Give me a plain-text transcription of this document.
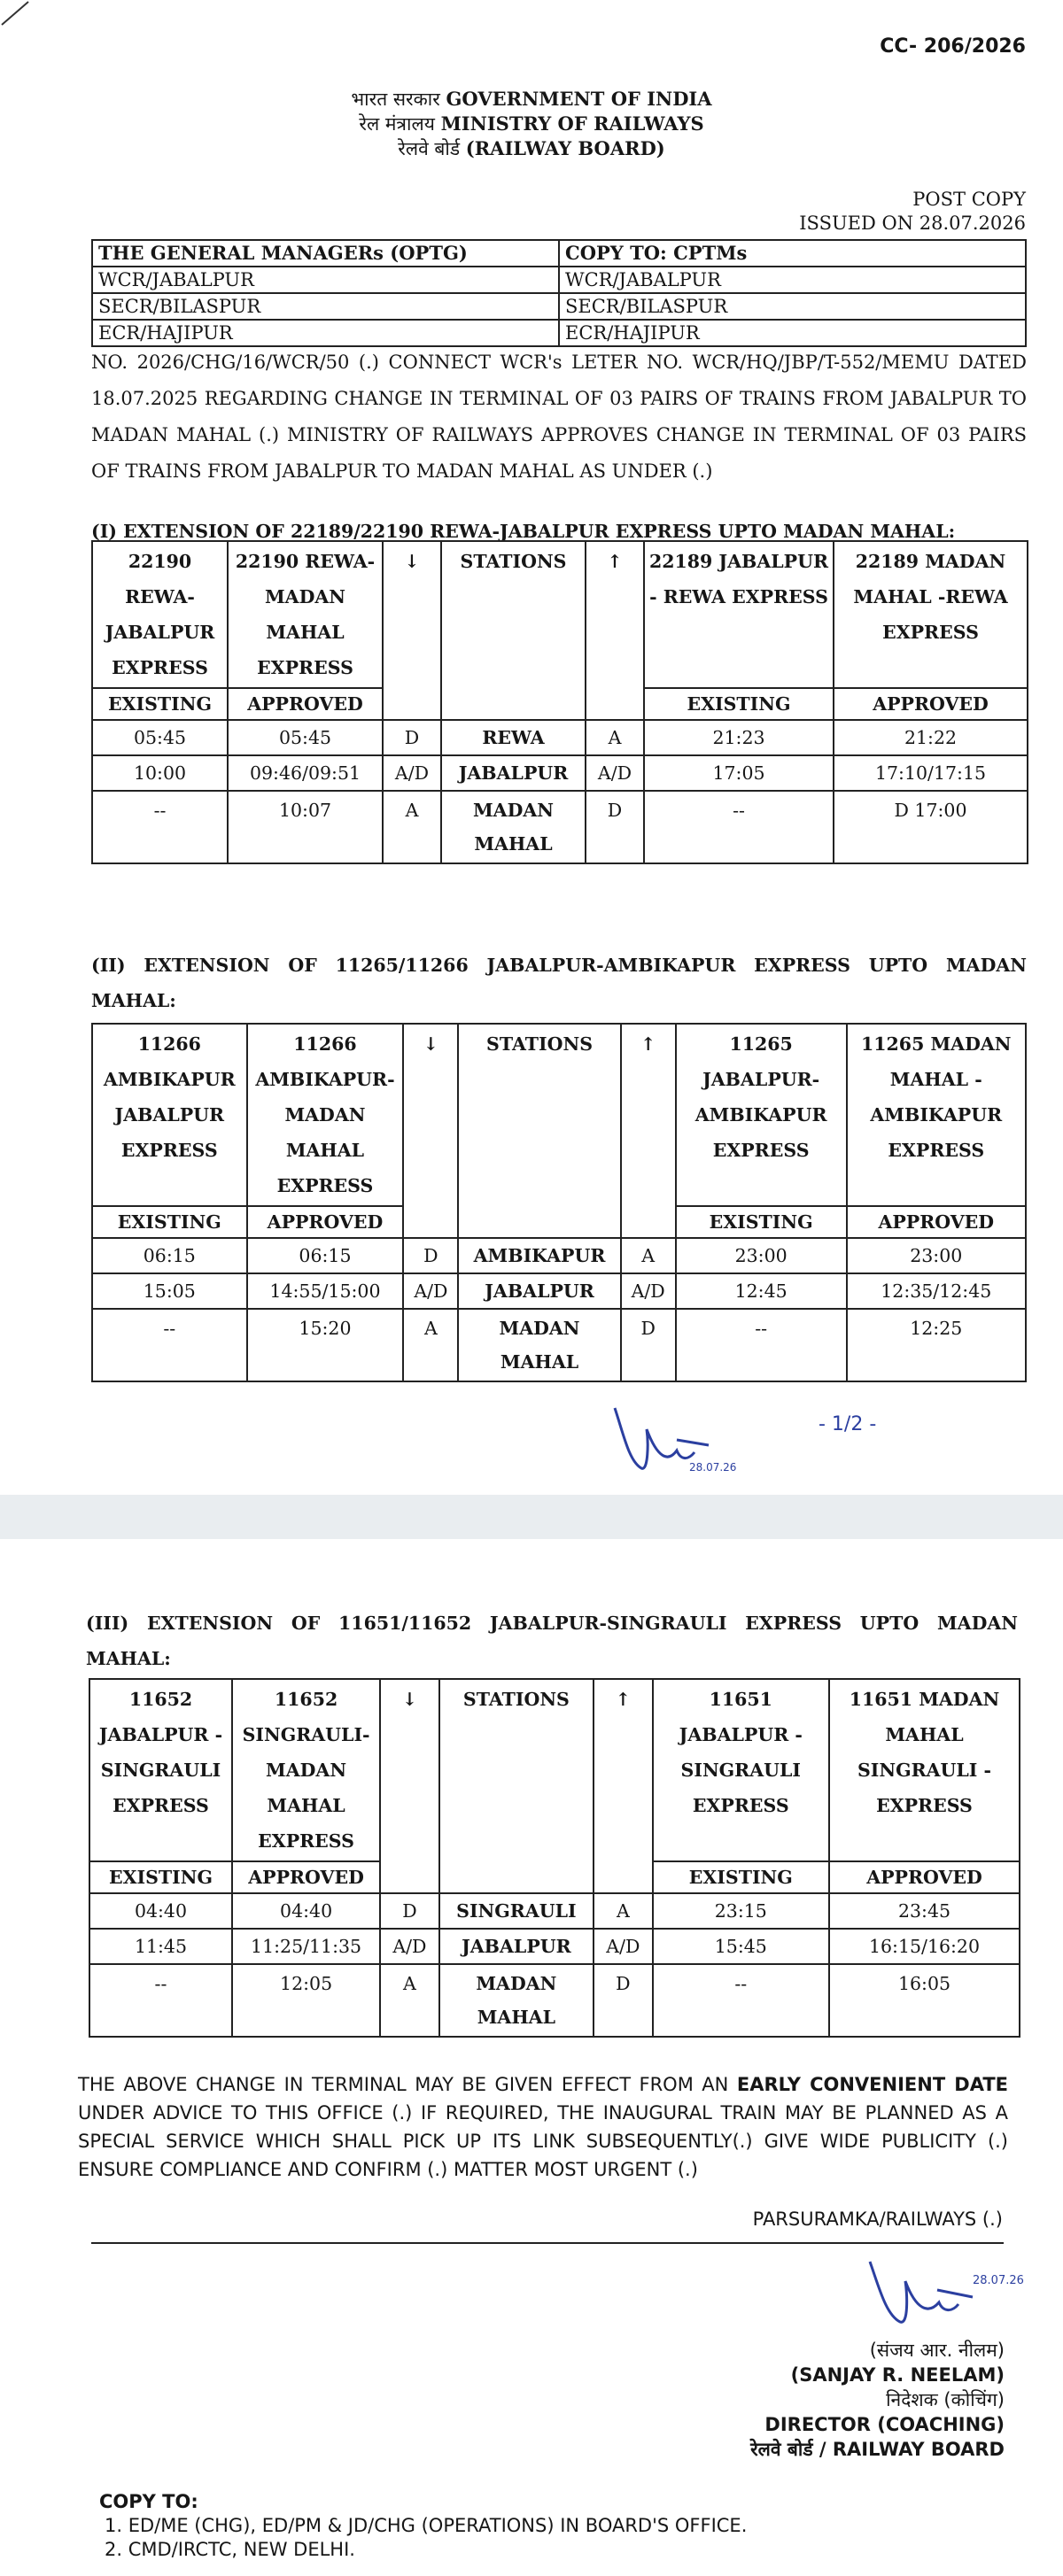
CC- 206/2026
भारत सरकार GOVERNMENT OF INDIA
रेल मंत्रालय MINISTRY OF RAILWAYS
रेलवे बोर्ड (RAILWAY BOARD)
POST COPY
ISSUED ON 28.07.2026
THE GENERAL MANAGERs (OPTG)	COPY TO: CPTMs
WCR/JABALPUR	WCR/JABALPUR
SECR/BILASPUR	SECR/BILASPUR
ECR/HAJIPUR	ECR/HAJIPUR
NO. 2026/CHG/16/WCR/50 (.) CONNECT WCR's LETER NO. WCR/HQ/JBP/T-552/MEMU DATED 18.07.2025 REGARDING CHANGE IN TERMINAL OF 03 PAIRS OF TRAINS FROM JABALPUR TO MADAN MAHAL (.) MINISTRY OF RAILWAYS APPROVES CHANGE IN TERMINAL OF 03 PAIRS OF TRAINS FROM JABALPUR TO MADAN MAHAL AS UNDER (.)
(I) EXTENSION OF 22189/22190 REWA-JABALPUR EXPRESS UPTO MADAN MAHAL:
22190 REWA-JABALPUR EXPRESS	22190 REWA-MADAN MAHAL EXPRESS	↓	STATIONS	↑	22189 JABALPUR - REWA EXPRESS	22189 MADAN MAHAL -REWA EXPRESS
EXISTING	APPROVED				EXISTING	APPROVED
05:45	05:45	D	REWA	A	21:23	21:22
10:00	09:46/09:51	A/D	JABALPUR	A/D	17:05	17:10/17:15
--	10:07	A	MADAN MAHAL	D	--	D 17:00
(II) EXTENSION OF 11265/11266 JABALPUR-AMBIKAPUR EXPRESS UPTO MADAN MAHAL:
11266 AMBIKAPUR JABALPUR EXPRESS	11266 AMBIKAPUR-MADAN MAHAL EXPRESS	↓	STATIONS	↑	11265 JABALPUR-AMBIKAPUR EXPRESS	11265 MADAN MAHAL - AMBIKAPUR EXPRESS
EXISTING	APPROVED				EXISTING	APPROVED
06:15	06:15	D	AMBIKAPUR	A	23:00	23:00
15:05	14:55/15:00	A/D	JABALPUR	A/D	12:45	12:35/12:45
--	15:20	A	MADAN MAHAL	D	--	12:25
28.07.26
- 1/2 -
(III) EXTENSION OF 11651/11652 JABALPUR-SINGRAULI EXPRESS UPTO MADAN MAHAL:
11652 JABALPUR - SINGRAULI EXPRESS	11652 SINGRAULI-MADAN MAHAL EXPRESS	↓	STATIONS	↑	11651 JABALPUR - SINGRAULI EXPRESS	11651 MADAN MAHAL SINGRAULI - EXPRESS
EXISTING	APPROVED				EXISTING	APPROVED
04:40	04:40	D	SINGRAULI	A	23:15	23:45
11:45	11:25/11:35	A/D	JABALPUR	A/D	15:45	16:15/16:20
--	12:05	A	MADAN MAHAL	D	--	16:05
THE ABOVE CHANGE IN TERMINAL MAY BE GIVEN EFFECT FROM AN EARLY CONVENIENT DATE UNDER ADVICE TO THIS OFFICE (.) IF REQUIRED, THE INAUGURAL TRAIN MAY BE PLANNED AS A SPECIAL SERVICE WHICH SHALL PICK UP ITS LINK SUBSEQUENTLY(.) GIVE WIDE PUBLICITY (.) ENSURE COMPLIANCE AND CONFIRM (.) MATTER MOST URGENT (.)
PARSURAMKA/RAILWAYS (.)
28.07.26
(संजय आर. नीलम)
(SANJAY R. NEELAM)
निदेशक (कोचिंग)
DIRECTOR (COACHING)
रेलवे बोर्ड / RAILWAY BOARD
COPY TO:
1. ED/ME (CHG), ED/PM & JD/CHG (OPERATIONS) IN BOARD'S OFFICE.
2. CMD/IRCTC, NEW DELHI.
